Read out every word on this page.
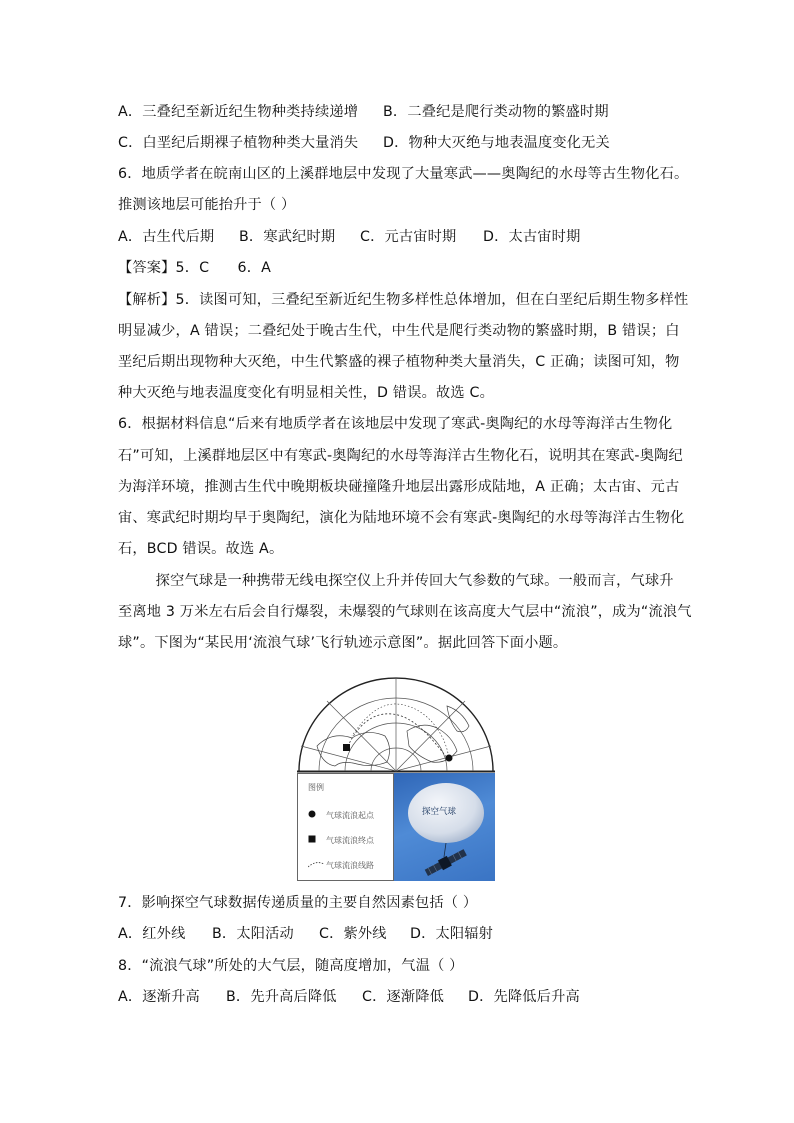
A．三叠纪至新近纪生物种类持续递增 B．二叠纪是爬行类动物的繁盛时期
C．白垩纪后期裸子植物种类大量消失 D．物种大灭绝与地表温度变化无关
6．地质学者在皖南山区的上溪群地层中发现了大量寒武——奥陶纪的水母等古生物化石。
推测该地层可能抬升于（ ）
A．古生代后期 B．寒武纪时期 C．元古宙时期 D．太古宙时期
【答案】5．C      6．A
【解析】5．读图可知，三叠纪至新近纪生物多样性总体增加，但在白垩纪后期生物多样性
明显减少，A 错误；二叠纪处于晚古生代，中生代是爬行类动物的繁盛时期，B 错误；白
垩纪后期出现物种大灭绝，中生代繁盛的裸子植物种类大量消失，C 正确；读图可知，物
种大灭绝与地表温度变化有明显相关性，D 错误。故选 C。
6．根据材料信息“后来有地质学者在该地层中发现了寒武-奥陶纪的水母等海洋古生物化
石”可知，上溪群地层区中有寒武-奥陶纪的水母等海洋古生物化石，说明其在寒武-奥陶纪
为海洋环境，推测古生代中晚期板块碰撞隆升地层出露形成陆地，A 正确；太古宙、元古
宙、寒武纪时期均早于奥陶纪，演化为陆地环境不会有寒武-奥陶纪的水母等海洋古生物化
石，BCD 错误。故选 A。
探空气球是一种携带无线电探空仪上升并传回大气参数的气球。一般而言，气球升
至离地 3 万米左右后会自行爆裂，未爆裂的气球则在该高度大气层中“流浪”，成为“流浪气
球”。下图为“某民用‘流浪气球’飞行轨迹示意图”。据此回答下面小题。
图例
气球流浪起点
气球流浪终点
气球流浪线路
探空气球
7．影响探空气球数据传递质量的主要自然因素包括（ ）
A．红外线 B．太阳活动 C．紫外线 D．太阳辐射
8．“流浪气球”所处的大气层，随高度增加，气温（ ）
A．逐渐升高 B．先升高后降低 C．逐渐降低 D．先降低后升高
